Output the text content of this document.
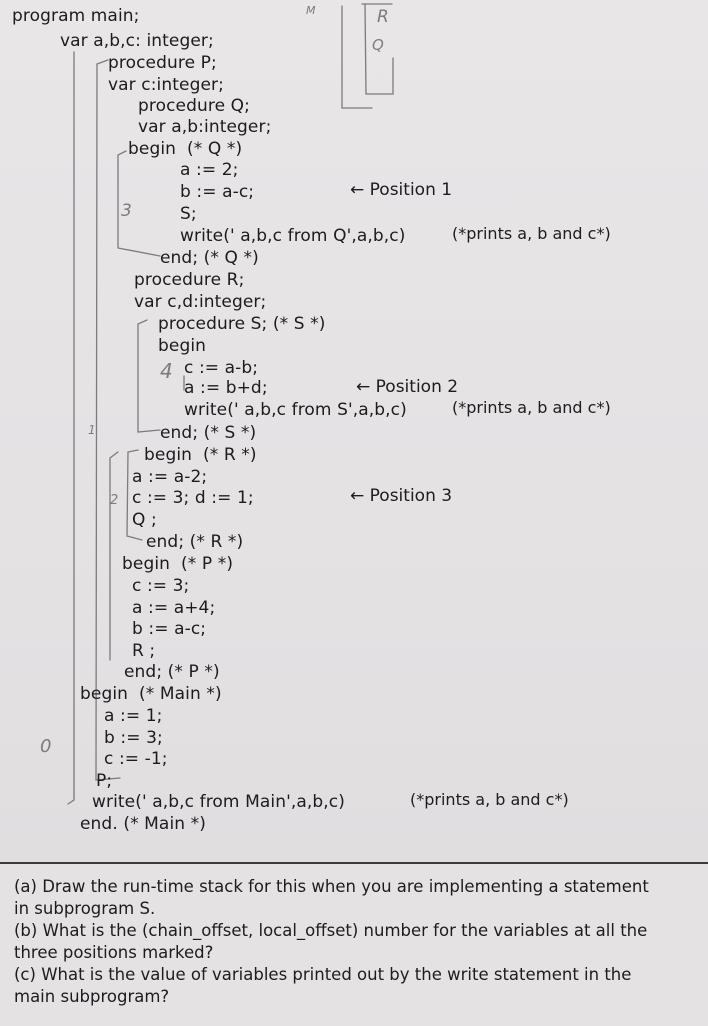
M	R
Q
3
4
1
2
0
program main;
var a,b,c: integer;
procedure P;
var c:integer;
procedure Q;
var a,b:integer;
begin  (* Q *)
a := 2;
b := a-c;
S;
write(' a,b,c from Q',a,b,c)
end; (* Q *)
procedure R;
var c,d:integer;
procedure S; (* S *)
begin
c := a-b;
a := b+d;
write(' a,b,c from S',a,b,c)
end; (* S *)
begin  (* R *)
a := a-2;
c := 3; d := 1;
Q ;
end; (* R *)
begin  (* P *)
c := 3;
a := a+4;
b := a-c;
R ;
end; (* P *)
begin  (* Main *)
a := 1;
b := 3;
c := -1;
P;
write(' a,b,c from Main',a,b,c)
end. (* Main *)
← Position 1
← Position 2
← Position 3
(*prints a, b and c*)
(*prints a, b and c*)
(*prints a, b and c*)
(a) Draw the run-time stack for this when you are implementing a statement
in subprogram S.
(b) What is the (chain_offset, local_offset) number for the variables at all the
three positions marked?
(c) What is the value of variables printed out by the write statement in the
main subprogram?
